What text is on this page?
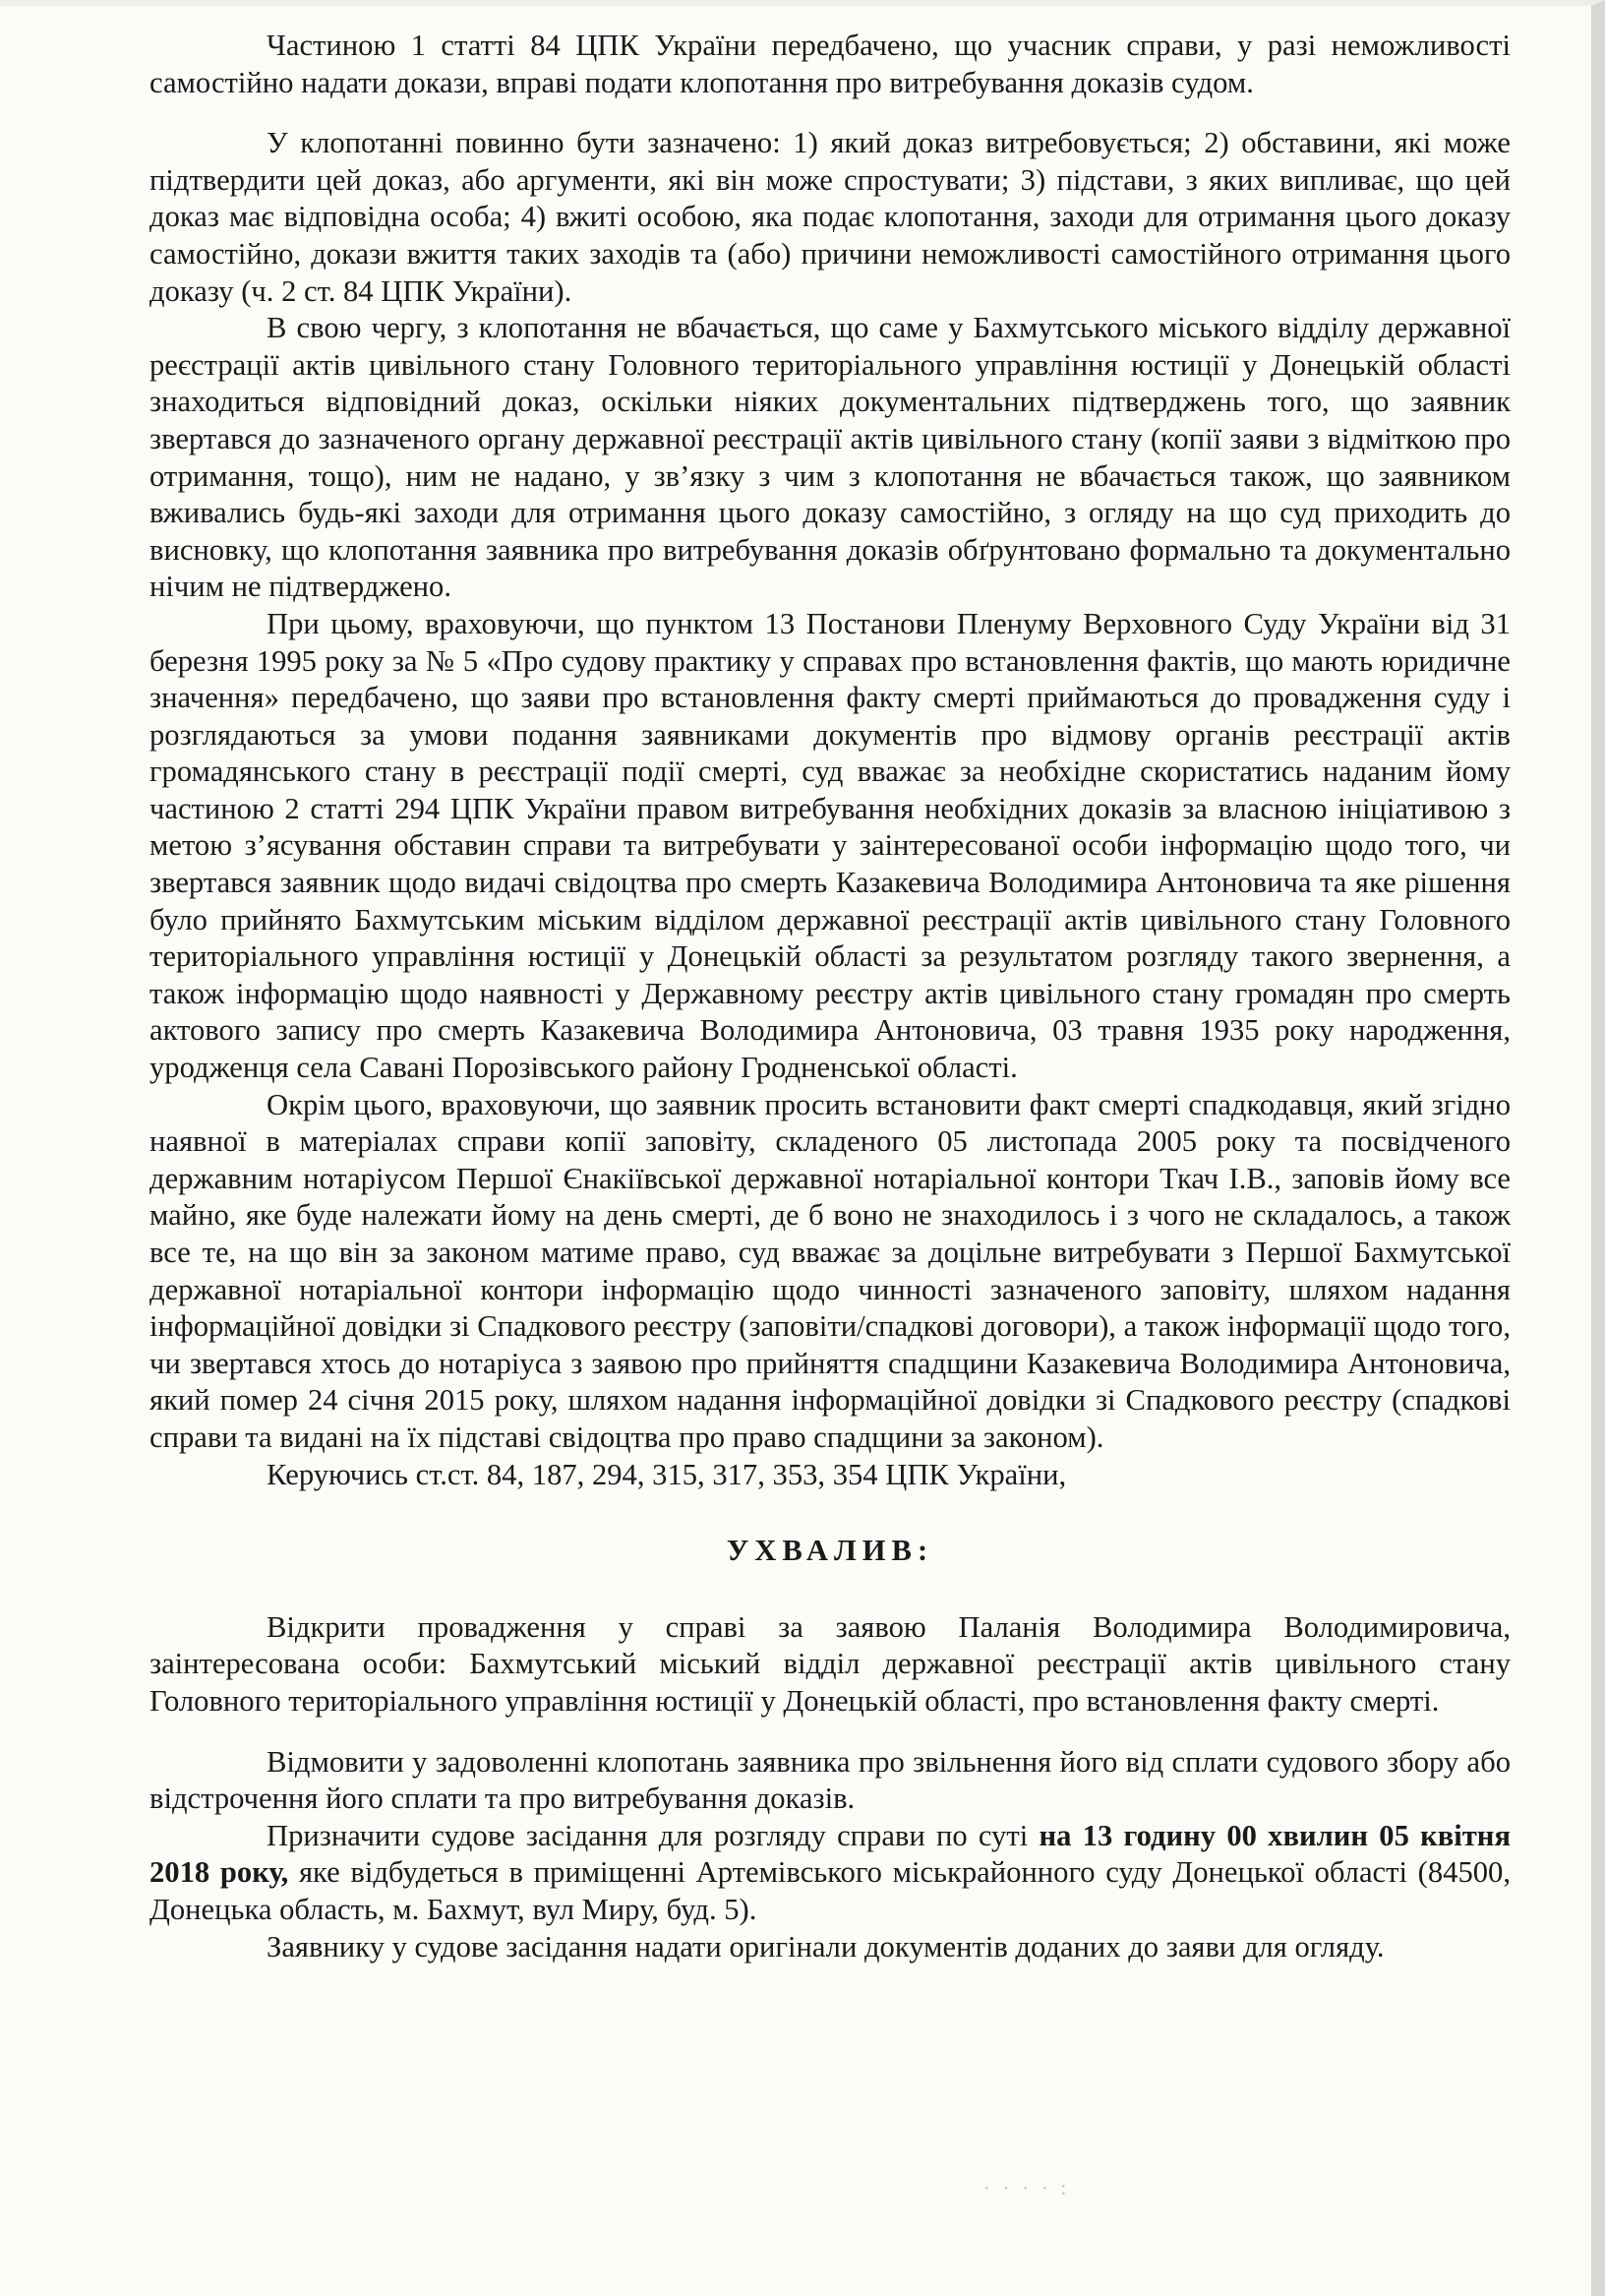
Частиною 1 статті 84 ЦПК України передбачено, що учасник справи, у разі неможливості самостійно надати докази, вправі подати клопотання про витребування доказів судом.

У клопотанні повинно бути зазначено: 1) який доказ витребовується; 2) обставини, які може підтвердити цей доказ, або аргументи, які він може спростувати; 3) підстави, з яких випливає, що цей доказ має відповідна особа; 4) вжиті особою, яка подає клопотання, заходи для отримання цього доказу самостійно, докази вжиття таких заходів та (або) причини неможливості самостійного отримання цього доказу (ч. 2 ст. 84 ЦПК України).

В свою чергу, з клопотання не вбачається, що саме у Бахмутського міського відділу державної реєстрації актів цивільного стану Головного територіального управління юстиції у Донецькій області знаходиться відповідний доказ, оскільки ніяких документальних підтверджень того, що заявник звертався до зазначеного органу державної реєстрації актів цивільного стану (копії заяви з відміткою про отримання, тощо), ним не надано, у зв’язку з чим з клопотання не вбачається також, що заявником вживались будь-які заходи для отримання цього доказу самостійно, з огляду на що суд приходить до висновку, що клопотання заявника про витребування доказів обґрунтовано формально та документально нічим не підтверджено.

При цьому, враховуючи, що пунктом 13 Постанови Пленуму Верховного Суду України від 31 березня 1995 року за № 5 «Про судову практику у справах про встановлення фактів, що мають юридичне значення» передбачено, що заяви про встановлення факту смерті приймаються до провадження суду і розглядаються за умови подання заявниками документів про відмову органів реєстрації актів громадянського стану в реєстрації події смерті, суд вважає за необхідне скористатись наданим йому частиною 2 статті 294 ЦПК України правом витребування необхідних доказів за власною ініціативою з метою з’ясування обставин справи та витребувати у заінтересованої особи інформацію щодо того, чи звертався заявник щодо видачі свідоцтва про смерть Казакевича Володимира Антоновича та яке рішення було прийнято Бахмутським міським відділом державної реєстрації актів цивільного стану Головного територіального управління юстиції у Донецькій області за результатом розгляду такого звернення, а також інформацію щодо наявності у Державному реєстру актів цивільного стану громадян про смерть актового запису про смерть Казакевича Володимира Антоновича, 03 травня 1935 року народження, уродженця села Савані Порозівського району Гродненської області.

Окрім цього, враховуючи, що заявник просить встановити факт смерті спадкодавця, який згідно наявної в матеріалах справи копії заповіту, складеного 05 листопада 2005 року та посвідченого державним нотаріусом Першої Єнакіївської державної нотаріальної контори Ткач І.В., заповів йому все майно, яке буде належати йому на день смерті, де б воно не знаходилось і з чого не складалось, а також все те, на що він за законом матиме право, суд вважає за доцільне витребувати з Першої Бахмутської державної нотаріальної контори інформацію щодо чинності зазначеного заповіту, шляхом надання інформаційної довідки зі Спадкового реєстру (заповіти/спадкові договори), а також інформації щодо того, чи звертався хтось до нотаріуса з заявою про прийняття спадщини Казакевича Володимира Антоновича, який помер 24 січня 2015 року, шляхом надання інформаційної довідки зі Спадкового реєстру (спадкові справи та видані на їх підставі свідоцтва про право спадщини за законом).

Керуючись ст.ст. 84, 187, 294, 315, 317, 353, 354 ЦПК України,

УХВАЛИВ:

Відкрити провадження у справі за заявою Паланія Володимира Володимировича, заінтересована особи: Бахмутський міський відділ державної реєстрації актів цивільного стану Головного територіального управління юстиції у Донецькій області, про встановлення факту смерті.

Відмовити у задоволенні клопотань заявника про звільнення його від сплати судового збору або відстрочення його сплати та про витребування доказів.

Призначити судове засідання для розгляду справи по суті на 13 годину 00 хвилин 05 квітня 2018 року, яке відбудеться в приміщенні Артемівського міськрайонного суду Донецької області (84500, Донецька область, м. Бахмут, вул Миру, буд. 5).

Заявнику у судове засідання надати оригінали документів доданих до заяви для огляду.

· · · · :
